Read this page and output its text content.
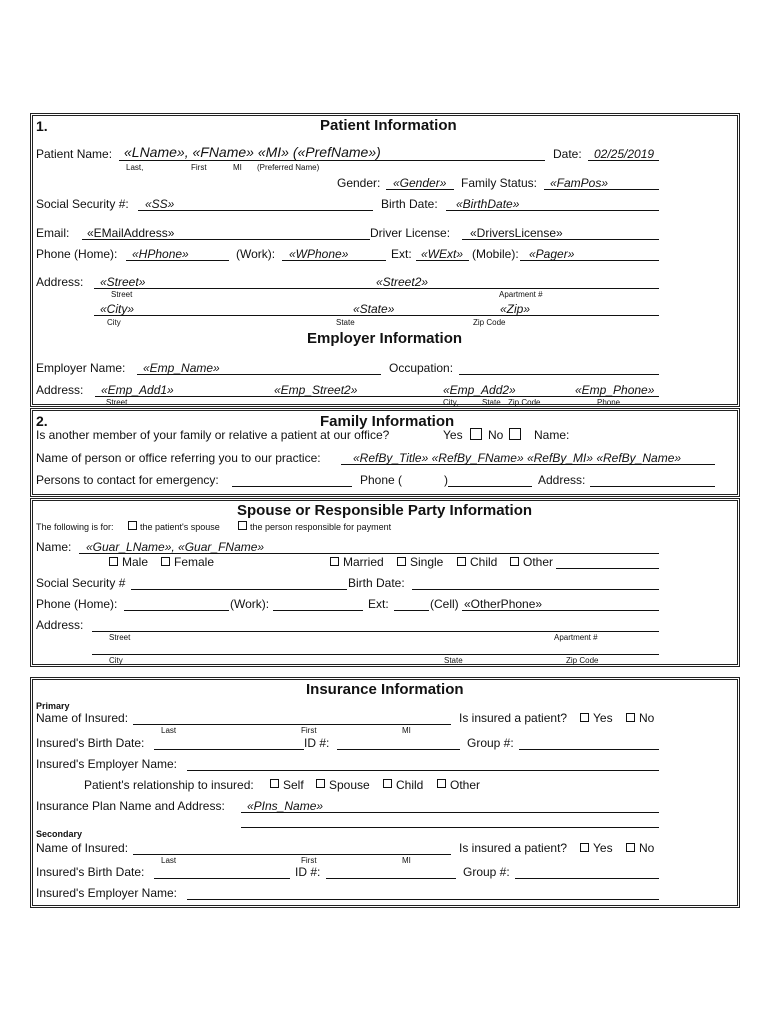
1.	Patient Information
Patient Name: «LName», «FName» «MI» («PrefName»)	Date: 02/25/2019
Last,	First	MI (Preferred Name)
Gender: «Gender» Family Status: «FamPos»
Social Security #: «SS»	Birth Date: «BirthDate»
Email: «EMailAddress»	Driver License: «DriversLicense»
Phone (Home): «HPhone»	(Work): «WPhone»	Ext: «WExt» (Mobile): «Pager»
Address: «Street»	«Street2»
Street	Apartment #
«City»	«State»	«Zip»
City	State	Zip Code
Employer Information
Employer Name: «Emp_Name»	Occupation:
Address: «Emp_Add1»	«Emp_Street2»	«Emp_Add2»	«Emp_Phone»
Street	City,	State Zip Code	Phone
2.	Family Information
Is another member of your family or relative a patient at our office?	Yes No	Name:
Name of person or office referring you to our practice:	«RefBy_Title» «RefBy_FName» «RefBy_MI» «RefBy_Name»
Persons to contact for emergency:	Phone (	)	Address:
Spouse or Responsible Party Information
The following is for:	the patient's spouse	the person responsible for payment
Name: «Guar_LName», «Guar_FName»
Male Female	Married Single Child Other
Social Security #	Birth Date:
Phone (Home):	(Work):	Ext:	(Cell) «OtherPhone»
Address:
Street	Apartment #
City	State	Zip Code
Insurance Information
Primary
Name of Insured:	Is insured a patient? Yes No
Last	First	MI
Insured's Birth Date:	ID #:	Group #:
Insured's Employer Name:
Patient's relationship to insured: Self Spouse Child Other
Insurance Plan Name and Address: «PIns_Name»
Secondary
Name of Insured:	Is insured a patient? Yes No
Last	First	MI
Insured's Birth Date:	ID #:	Group #:
Insured's Employer Name:
